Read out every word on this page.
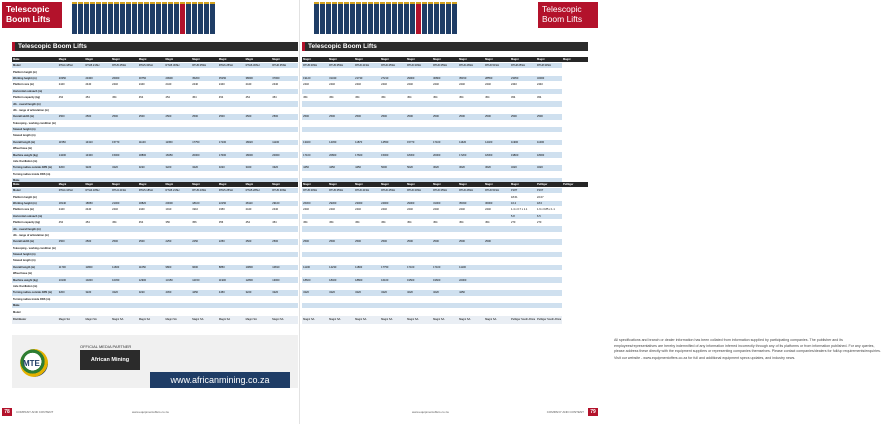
Telescopic
Boom Lifts
Telescopic Boom Lifts
Make	Magni	Magni	Magni	Magni	Magni	Magni	Magni	Magni	Magni
Model	RTH4.18SH	RTH5.21SH	RTH5.25SH	RTH5.30SH	RTH5.30SH	RTH5.35SH	RTH6.25SH	RTH6.30SH	RTH6.35SH
Platform height (m)									
Working height (m)	20350	23400	26000	30750	29900	35200	35150	38600	37000
Platform size (m)	2440	2440	2440	2440	2440	2440	2440	2440	2440
Horizontal outreach (m)									
Platform capacity (kg)	454	454	454	454	454	454	454	454	454
Jib - overall length (m)									
Jib - range of articulation (m)									
Overall width (m)	2500	2500	2500	2500	2500	2500	2500	2500	2500
Telecoping - working condition (m)									
Stowed height (m)									
Stowed length (m)									
Overall length (m)	11550	14310	15770	11100	11950	17750	17100	18020	11100
Wheel base (m)									
Machine weight (kg)	14200	14300	15000	18800	18450	20000	17000	18000	20000
Axle Oscillation (m)									
Turning radius outside 4WS (m)	3200	3220	3220	3220	3220	3220	3220	3320	3320
Turning radius inside 4WS (m)									
Make									

Make	Magni	Magni	Magni	Magni	Magni	Magni	Magni	Magni	Magni
Model	RTH4.16SH	RTH4.18SH	RTH4.21SH	RTH5.18SH	RTH5.21SH	RTH5.23SH	RTH5.25SH	RTH5.28SH	RTH5.30SH
Platform height (m)									
Working height (m)	18140	18650	21000	18820	20000	18100	22150	28110	29100
Platform size (m)	2440	2440	2440	2440	1910	1910	1950	2440	2440
Horizontal outreach (m)									
Platform capacity (kg)	454	454	454	454	356	356	356	454	454
Jib - overall length (m)									
Jib - range of articulation (m)									
Overall width (m)	2500	2500	2500	2500	2250	2250	2250	2500	2500
Telecoping - working condition (m)									
Stowed height (m)									
Stowed length (m)									
Overall length (m)	11700	11800	11600	11650	9800	9600	8850	10800	10810
Wheel base (m)									
Machine weight (kg)	10100	10200	10450	12900	13150	12150	11900	12800	13000
Axle Oscillation (m)									
Turning radius outside 4WS (m)	3200	3220	3220	3220	4450	4450	4450	3220	3220
Turning radius inside 4WS (m)									
Make									
Model									
Distributor	Magni SA	Magni SA	Magni SA	Magni SA	Magni SA	Magni SA	Magni SA	Magni SA	Magni SA
MTE
OFFICIAL MEDIA PARTNER
African Mining
www.africanmining.co.za
78	COMPANY AND CONTENT	www.equipmentoffers.co.za
Telescopic
Boom Lifts
Telescopic Boom Lifts
	Magni	Magni	Magni	Magni	Magni	Magni	Magni	Magni	Magni	Magni	Magni
	RTH5.30SH	RTH5.35SH	RTH6.21SH	RTH6.25SH	RTH6.30SH	RTH6.35SH	RTH6.46SH	RTH6.51SH	RTH8.25SH	RTH8.30SH	

	19120	31340	21730	27210	29900	30800	35150	28550	23050	32000	
	2440	2440	2440	2440	2440	2440	2440	2440	2440	2440	

	454	454	454	454	454	454	454	454	454	454	

	2500	2500	2500	2500	2500	2500	2500	2500	2500	2500	

	13400	14450	11870	14550	15770	17100	11620	14320	11900	11000	

	17100	20800	17600	15000	18300	20000	17200	18300	19800	18000	

	4450	4450	4450	5000	5020	3620	3620	3620	3220	3220	

	Magni	Magni	Magni	Magni	Magni	Magni	Magni	Magni	Magni	Pulltiger	Pulltiger
	RTH5.30SH	RTH5.35SH	RTH6.21SH	RTH6.25SH	RTH6.30SH	RTH6.35SH	RTH6.46SH	RTH6.51SH	P18T	P16T	
									18.61	22.07	
	26300	29300	23000	24900	29000	31000	35030	36000	16.2	18.0	
	2440	2440	2440	2440	2440	2440	2440	2440	1.4 x 0.7 x 1.1	1.9 x 0.85 x 1.1	
									5.8	6.5	
	454	454	454	454	454	454	454	454	270	270	

	2500	2500	2500	2500	2500	2500	2500	2500			

	11100	14230	11800	17750	17100	17100	11100				

	18600	18400	18800	16100	19500	19600	22000				

	3220	3220	3220	3220	3220	3220	4450				

	Magni SA	Magni SA	Magni SA	Magni SA	Magni SA	Magni SA	Magni SA	Magni SA	Pulltiger South Africa	Pulltiger South Africa	

All specifications and branch or dealer information has been collated from information supplied by participating companies. The publisher and its employees/representatives are hereby indemnified of any information inferred incorrectly through any of its platforms or from information published. For any queries, please address these directly with the equipment suppliers or representing companies themselves. Please contact companies/dealers for full/up requirements/enquiries.

Visit our website - www.equipmentoffers.co.za for full and additional equipment specs updates, and industry news.

www.equipmentoffers.co.za	COMPANY AND CONTENT	79
